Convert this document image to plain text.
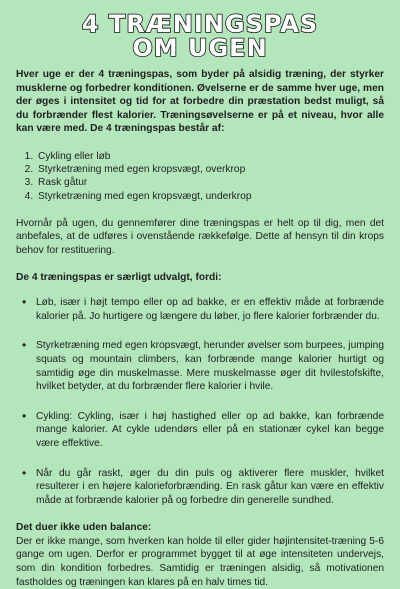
4 TRÆNINGSPAS
OM UGEN

Hver uge er der 4 træningspas, som byder på alsidig træning, der styrker musklerne og forbedrer konditionen. Øvelserne er de samme hver uge, men der øges i intensitet og tid for at forbedre din præstation bedst muligt, så du forbrænder flest kalorier. Træningsøvelserne er på et niveau, hvor alle kan være med. De 4 træningspas består af:

1. Cykling eller løb
2. Styrketræning med egen kropsvægt, overkrop
3. Rask gåtur
4. Styrketræning med egen kropsvægt, underkrop

Hvornår på ugen, du gennemfører dine træningspas er helt op til dig, men det anbefales, at de udføres i ovenstående rækkefølge. Dette af hensyn til din krops behov for restituering.

De 4 træningspas er særligt udvalgt, fordi:

• Løb, især i højt tempo eller op ad bakke, er en effektiv måde at forbrænde kalorier på. Jo hurtigere og længere du løber, jo flere kalorier forbrænder du.
• Styrketræning med egen kropsvægt, herunder øvelser som burpees, jumping squats og mountain climbers, kan forbrænde mange kalorier hurtigt og samtidig øge din muskelmasse. Mere muskelmasse øger dit hvilestofskifte, hvilket betyder, at du forbrænder flere kalorier i hvile.
• Cykling: Cykling, især i høj hastighed eller op ad bakke, kan forbrænde mange kalorier. At cykle udendørs eller på en stationær cykel kan begge være effektive.
• Når du går raskt, øger du din puls og aktiverer flere muskler, hvilket resulterer i en højere kalorieforbrænding. En rask gåtur kan være en effektiv måde at forbrænde kalorier på og forbedre din generelle sundhed.

Det duer ikke uden balance:

Der er ikke mange, som hverken kan holde til eller gider højintensitet-træning 5-6 gange om ugen. Derfor er programmet bygget til at øge intensiteten undervejs, som din kondition forbedres. Samtidig er træningen alsidig, så motivationen fastholdes og træningen kan klares på en halv times tid.
